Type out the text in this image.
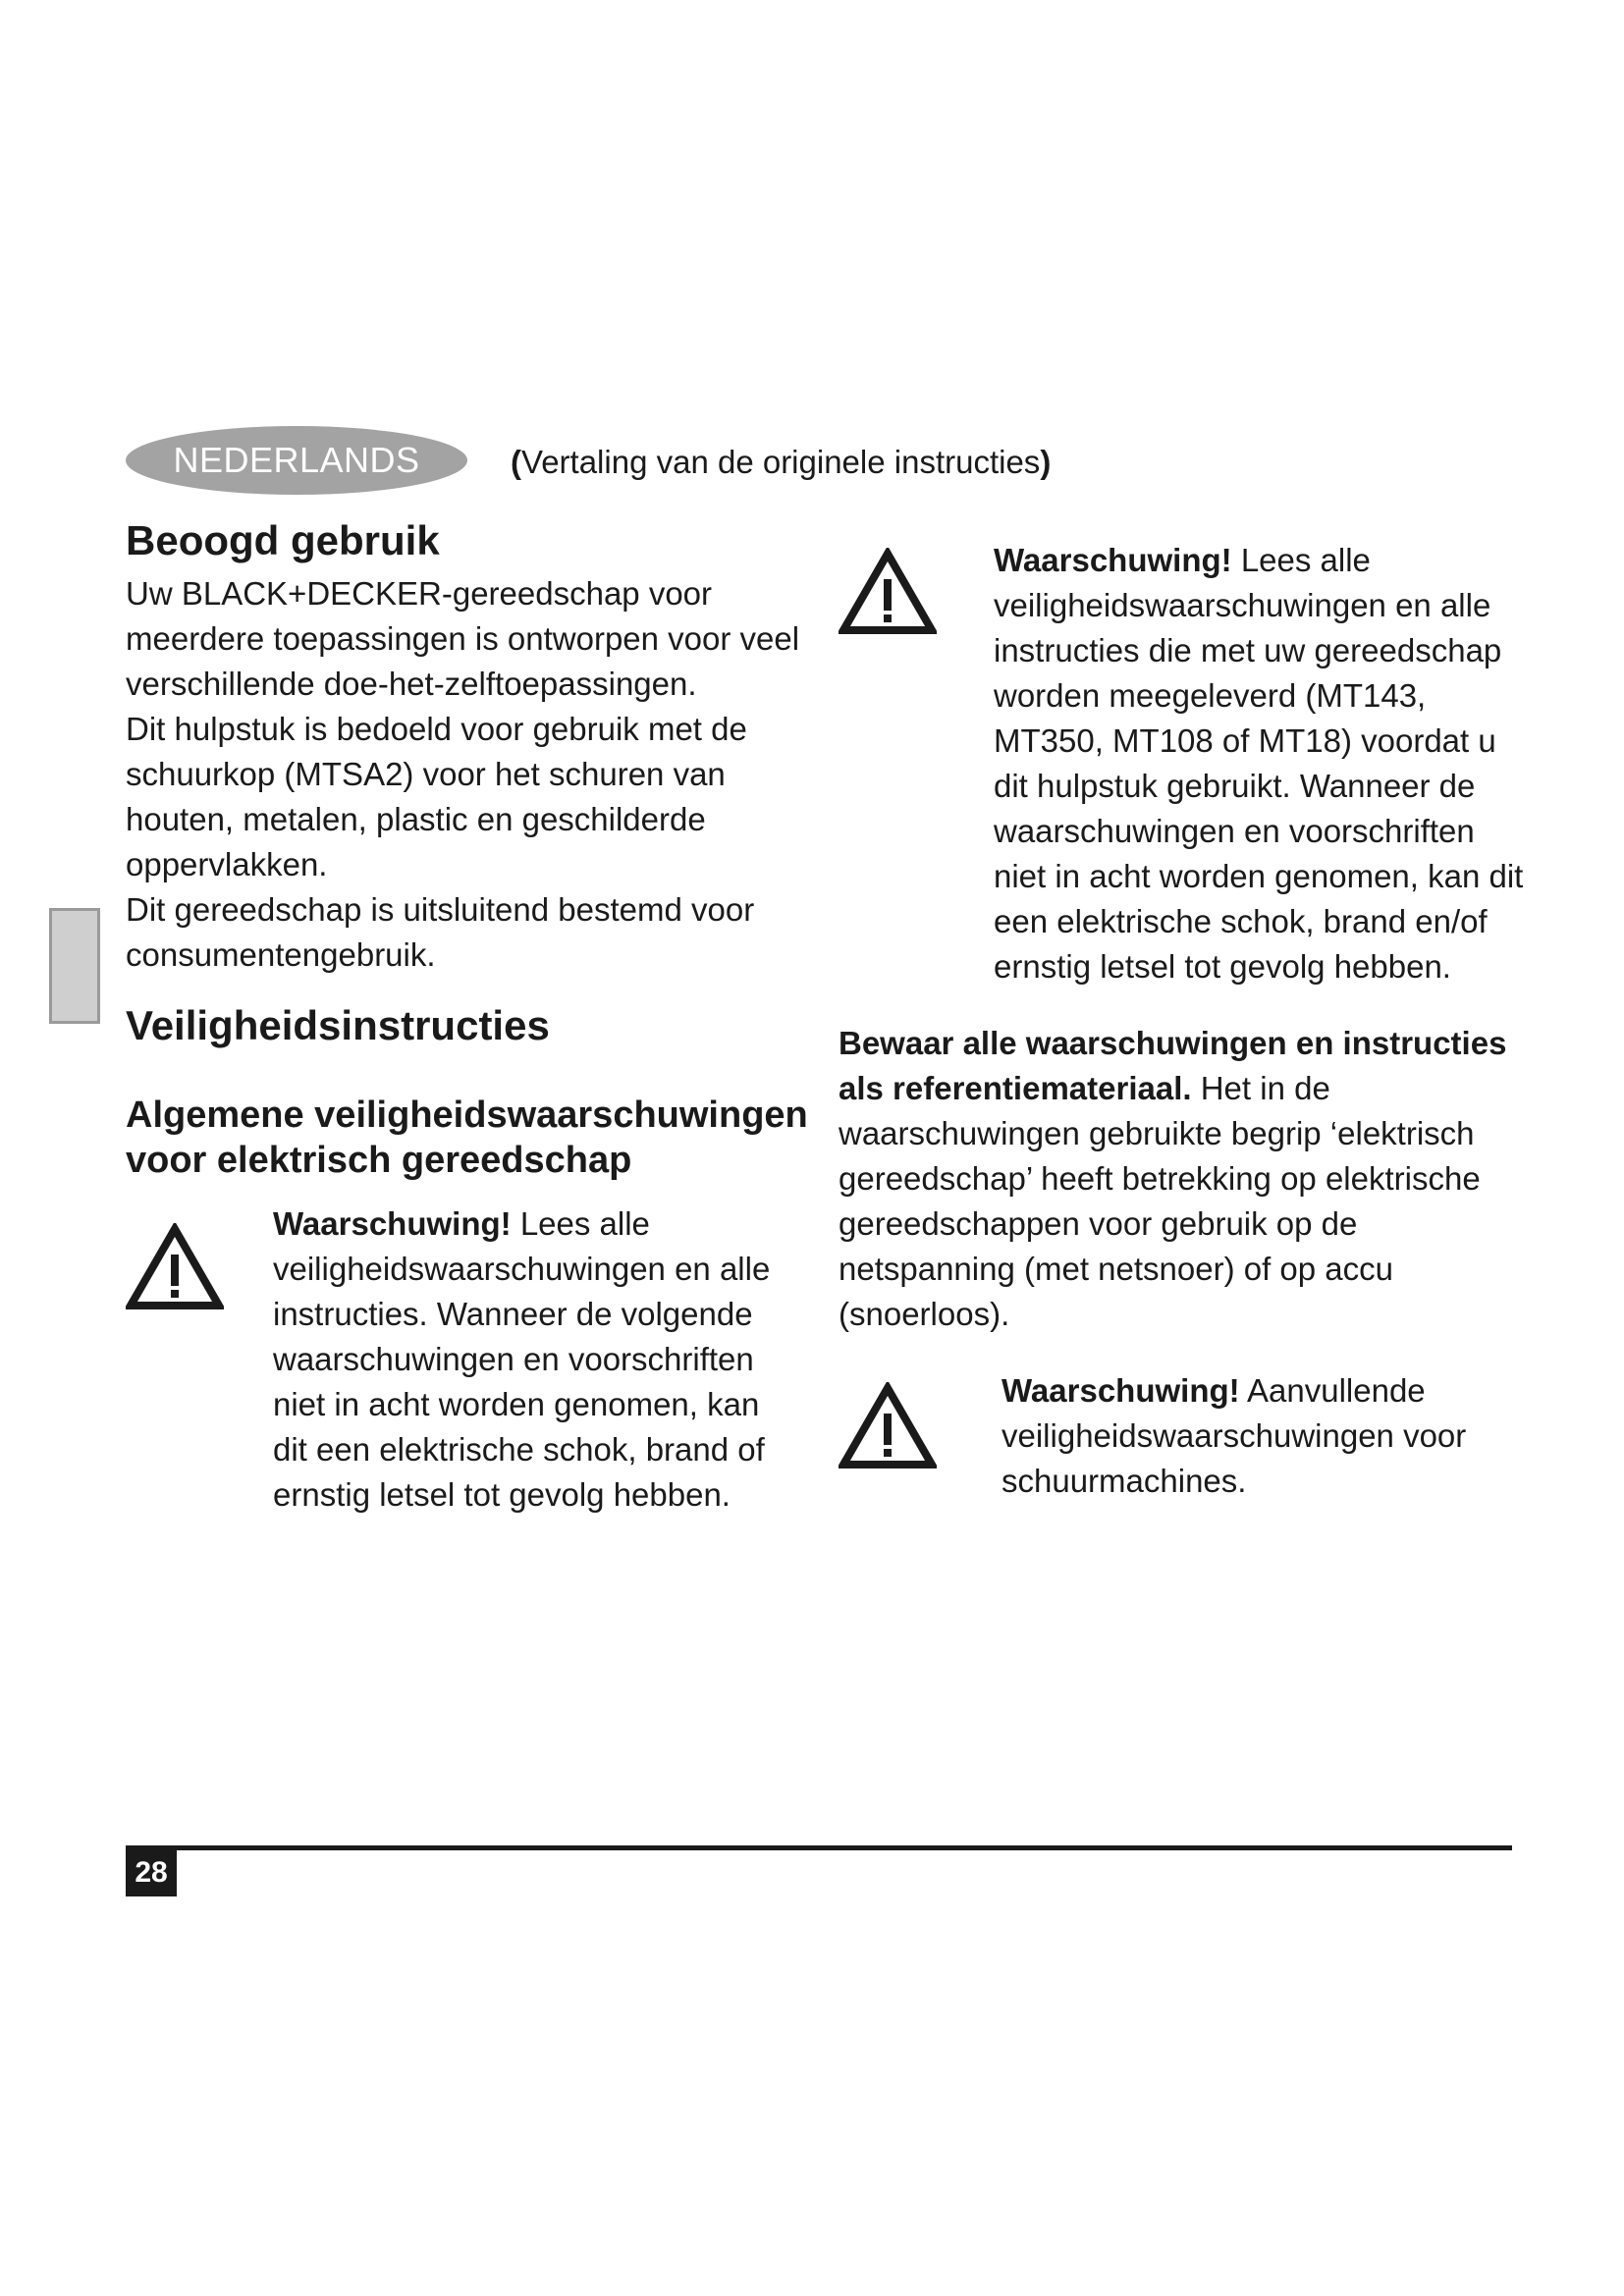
NEDERLANDS	(Vertaling van de originele instructies)
Beoogd gebruik

Uw BLACK+DECKER-gereedschap voor meerdere toepassingen is ontworpen voor veel verschillende doe-het-zelftoepassingen.

Dit hulpstuk is bedoeld voor gebruik met de schuurkop (MTSA2) voor het schuren van houten, metalen, plastic en geschilderde oppervlakken.

Dit gereedschap is uitsluitend bestemd voor consumentengebruik.

Veiligheidsinstructies
Algemene veiligheidswaarschuwingen voor elektrisch gereedschap
Waarschuwing! Lees alle veiligheidswaarschuwingen en alle instructies. Wanneer de volgende waarschuwingen en voorschriften niet in acht worden genomen, kan dit een elektrische schok, brand of ernstig letsel tot gevolg hebben.
Waarschuwing! Lees alle veiligheidswaarschuwingen en alle instructies die met uw gereedschap worden meegeleverd (MT143, MT350, MT108 of MT18) voordat u dit hulpstuk gebruikt. Wanneer de waarschuwingen en voorschriften niet in acht worden genomen, kan dit een elektrische schok, brand en/of ernstig letsel tot gevolg hebben.

Bewaar alle waarschuwingen en instructies als referentiemateriaal. Het in de waarschuwingen gebruikte begrip ‘elektrisch gereedschap’ heeft betrekking op elektrische gereedschappen voor gebruik op de netspanning (met netsnoer) of op accu (snoerloos).

Waarschuwing! Aanvullende veiligheidswaarschuwingen voor schuurmachines.
28
